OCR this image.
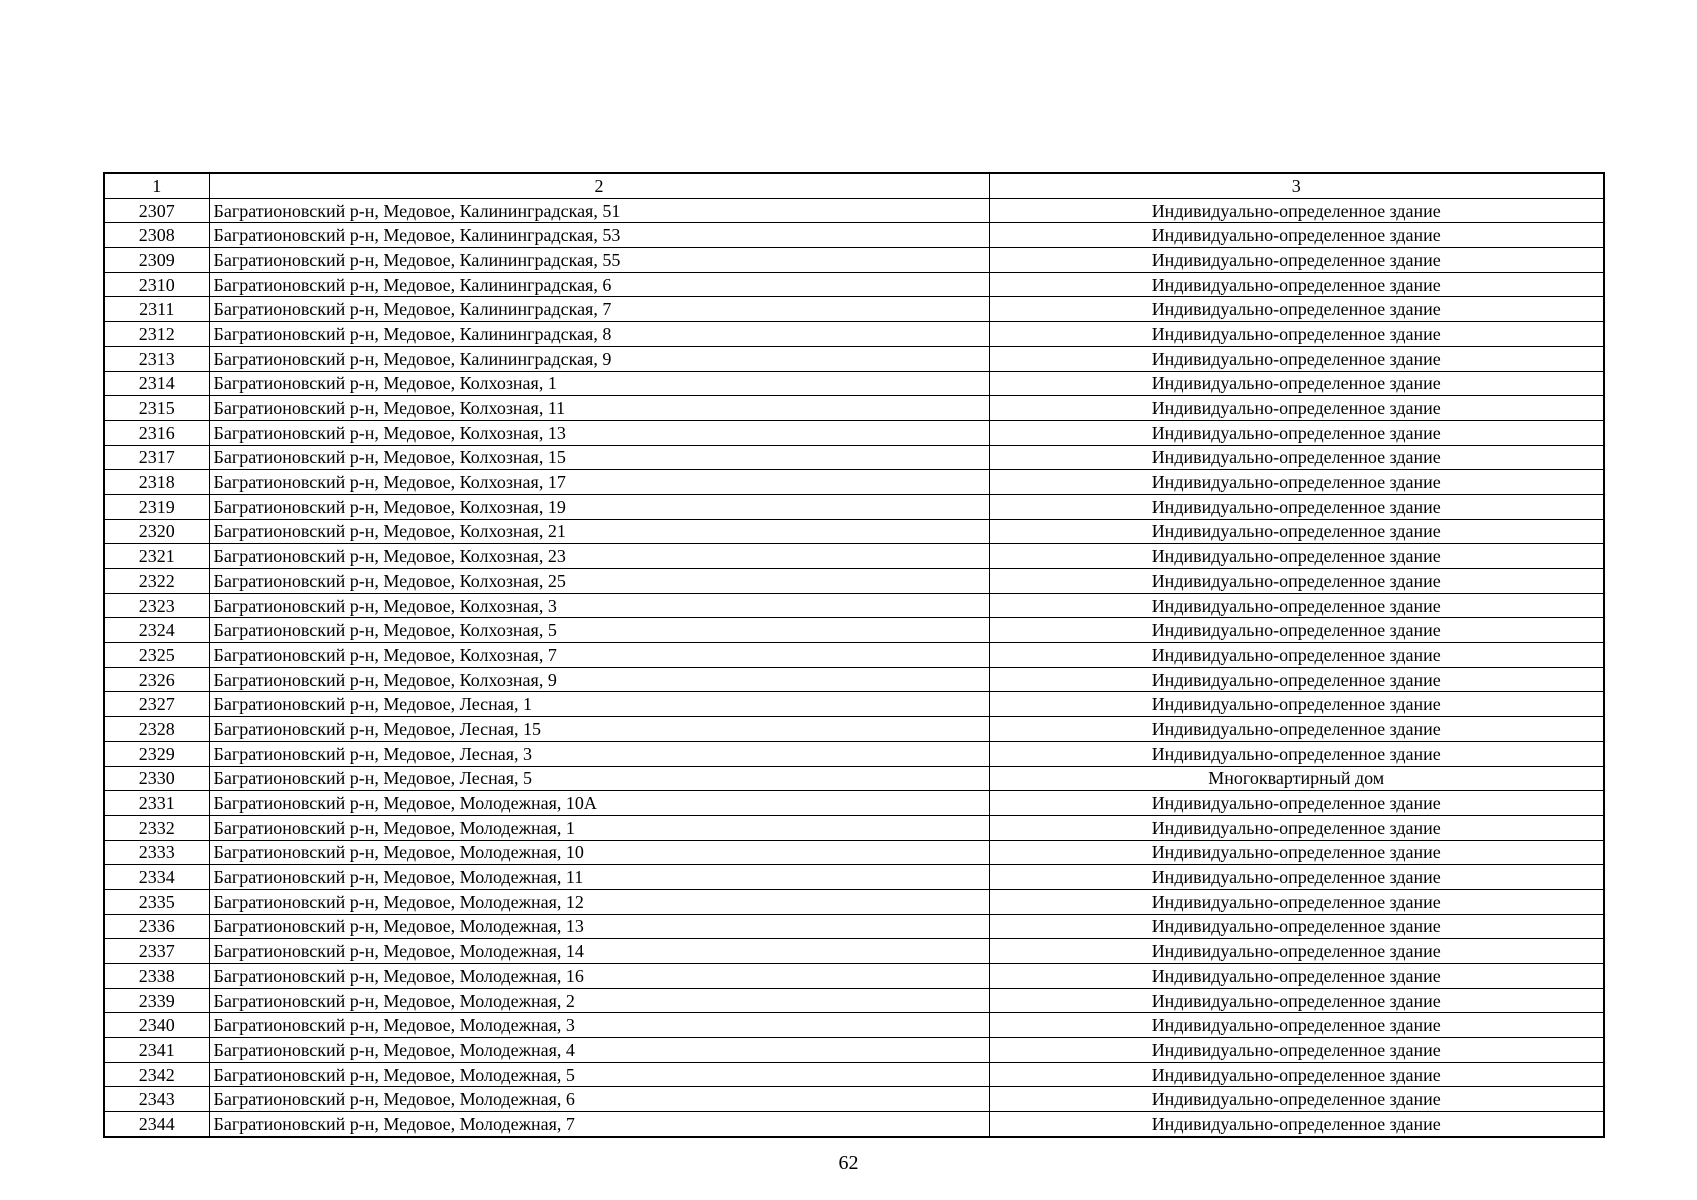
1	2	3
2307	Багратионовский р-н, Медовое, Калининградская, 51	Индивидуально-определенное здание
2308	Багратионовский р-н, Медовое, Калининградская, 53	Индивидуально-определенное здание
2309	Багратионовский р-н, Медовое, Калининградская, 55	Индивидуально-определенное здание
2310	Багратионовский р-н, Медовое, Калининградская, 6	Индивидуально-определенное здание
2311	Багратионовский р-н, Медовое, Калининградская, 7	Индивидуально-определенное здание
2312	Багратионовский р-н, Медовое, Калининградская, 8	Индивидуально-определенное здание
2313	Багратионовский р-н, Медовое, Калининградская, 9	Индивидуально-определенное здание
2314	Багратионовский р-н, Медовое, Колхозная, 1	Индивидуально-определенное здание
2315	Багратионовский р-н, Медовое, Колхозная, 11	Индивидуально-определенное здание
2316	Багратионовский р-н, Медовое, Колхозная, 13	Индивидуально-определенное здание
2317	Багратионовский р-н, Медовое, Колхозная, 15	Индивидуально-определенное здание
2318	Багратионовский р-н, Медовое, Колхозная, 17	Индивидуально-определенное здание
2319	Багратионовский р-н, Медовое, Колхозная, 19	Индивидуально-определенное здание
2320	Багратионовский р-н, Медовое, Колхозная, 21	Индивидуально-определенное здание
2321	Багратионовский р-н, Медовое, Колхозная, 23	Индивидуально-определенное здание
2322	Багратионовский р-н, Медовое, Колхозная, 25	Индивидуально-определенное здание
2323	Багратионовский р-н, Медовое, Колхозная, 3	Индивидуально-определенное здание
2324	Багратионовский р-н, Медовое, Колхозная, 5	Индивидуально-определенное здание
2325	Багратионовский р-н, Медовое, Колхозная, 7	Индивидуально-определенное здание
2326	Багратионовский р-н, Медовое, Колхозная, 9	Индивидуально-определенное здание
2327	Багратионовский р-н, Медовое, Лесная, 1	Индивидуально-определенное здание
2328	Багратионовский р-н, Медовое, Лесная, 15	Индивидуально-определенное здание
2329	Багратионовский р-н, Медовое, Лесная, 3	Индивидуально-определенное здание
2330	Багратионовский р-н, Медовое, Лесная, 5	Многоквартирный дом
2331	Багратионовский р-н, Медовое, Молодежная, 10А	Индивидуально-определенное здание
2332	Багратионовский р-н, Медовое, Молодежная, 1	Индивидуально-определенное здание
2333	Багратионовский р-н, Медовое, Молодежная, 10	Индивидуально-определенное здание
2334	Багратионовский р-н, Медовое, Молодежная, 11	Индивидуально-определенное здание
2335	Багратионовский р-н, Медовое, Молодежная, 12	Индивидуально-определенное здание
2336	Багратионовский р-н, Медовое, Молодежная, 13	Индивидуально-определенное здание
2337	Багратионовский р-н, Медовое, Молодежная, 14	Индивидуально-определенное здание
2338	Багратионовский р-н, Медовое, Молодежная, 16	Индивидуально-определенное здание
2339	Багратионовский р-н, Медовое, Молодежная, 2	Индивидуально-определенное здание
2340	Багратионовский р-н, Медовое, Молодежная, 3	Индивидуально-определенное здание
2341	Багратионовский р-н, Медовое, Молодежная, 4	Индивидуально-определенное здание
2342	Багратионовский р-н, Медовое, Молодежная, 5	Индивидуально-определенное здание
2343	Багратионовский р-н, Медовое, Молодежная, 6	Индивидуально-определенное здание
2344	Багратионовский р-н, Медовое, Молодежная, 7	Индивидуально-определенное здание
62
